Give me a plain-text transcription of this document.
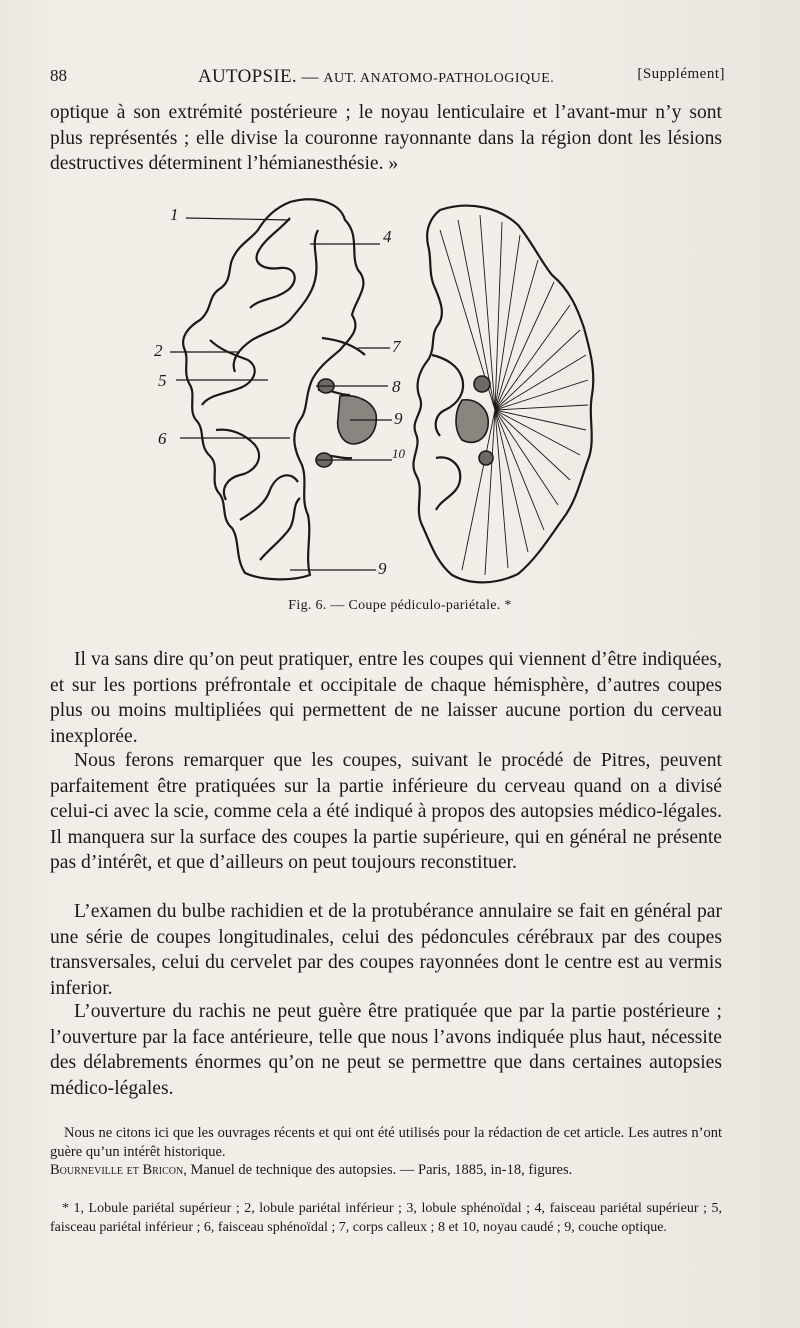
88	AUTOPSIE. — AUT. ANATOMO-PATHOLOGIQUE.	[Supplément]

optique à son extrémité postérieure ; le noyau lenticulaire et l’avant-mur n’y sont plus représentés ; elle divise la couronne rayonnante dans la région dont les lésions destructives déterminent l’hémianesthésie. »

1
2
5
6
4
7
8
9
10
9
Fig. 6. — Coupe pédiculo-pariétale. *

Il va sans dire qu’on peut pratiquer, entre les coupes qui viennent d’être indiquées, et sur les portions préfrontale et occipitale de chaque hémisphère, d’autres coupes plus ou moins multipliées qui permettent de ne laisser aucune portion du cerveau inexplorée.

Nous ferons remarquer que les coupes, suivant le procédé de Pitres, peuvent parfaitement être pratiquées sur la partie inférieure du cerveau quand on a divisé celui-ci avec la scie, comme cela a été indiqué à propos des autopsies médico-légales. Il manquera sur la surface des coupes la partie supérieure, qui en général ne présente pas d’intérêt, et que d’ailleurs on peut toujours reconstituer.

L’examen du bulbe rachidien et de la protubérance annulaire se fait en général par une série de coupes longitudinales, celui des pédoncules cérébraux par des coupes transversales, celui du cervelet par des coupes rayonnées dont le centre est au vermis inferior.

L’ouverture du rachis ne peut guère être pratiquée que par la partie postérieure ; l’ouverture par la face antérieure, telle que nous l’avons indiquée plus haut, nécessite des délabrements énormes qu’on ne peut se permettre que dans certaines autopsies médico-légales.

Nous ne citons ici que les ouvrages récents et qui ont été utilisés pour la rédaction de cet article. Les autres n’ont guère qu’un intérêt historique.

Bourneville et Bricon, Manuel de technique des autopsies. — Paris, 1885, in-18, figures.

* 1, Lobule pariétal supérieur ; 2, lobule pariétal inférieur ; 3, lobule sphénoïdal ; 4, faisceau pariétal supérieur ; 5, faisceau pariétal inférieur ; 6, faisceau sphénoïdal ; 7, corps calleux ; 8 et 10, noyau caudé ; 9, couche optique.
